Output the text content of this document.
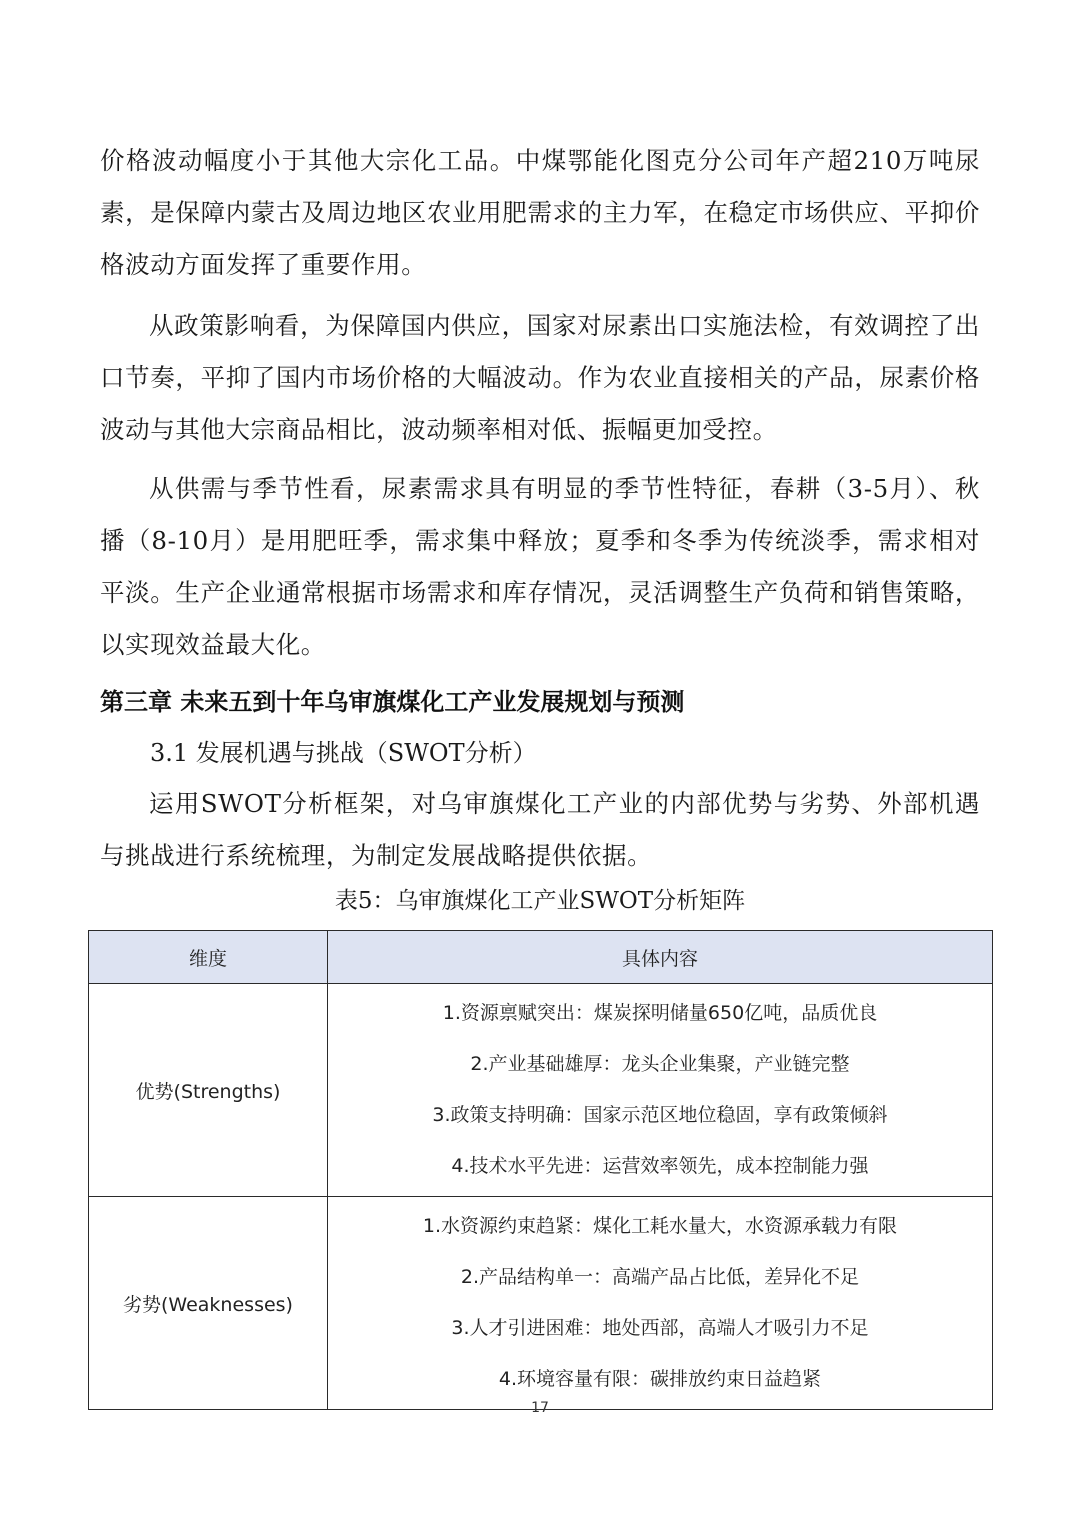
价格波动幅度小于其他大宗化工品。中煤鄂能化图克分公司年产超210万吨尿素，是保障内蒙古及周边地区农业用肥需求的主力军，在稳定市场供应、平抑价格波动方面发挥了重要作用。

从政策影响看，为保障国内供应，国家对尿素出口实施法检，有效调控了出口节奏，平抑了国内市场价格的大幅波动。作为农业直接相关的产品，尿素价格波动与其他大宗商品相比，波动频率相对低、振幅更加受控。

从供需与季节性看，尿素需求具有明显的季节性特征，春耕（3-5月）、秋播（8-10月）是用肥旺季，需求集中释放；夏季和冬季为传统淡季，需求相对平淡。生产企业通常根据市场需求和库存情况，灵活调整生产负荷和销售策略，以实现效益最大化。

第三章 未来五到十年乌审旗煤化工产业发展规划与预测
3.1 发展机遇与挑战（SWOT分析）

运用SWOT分析框架，对乌审旗煤化工产业的内部优势与劣势、外部机遇与挑战进行系统梳理，为制定发展战略提供依据。

表5：乌审旗煤化工产业SWOT分析矩阵
维度	具体内容
优势(Strengths)	1.资源禀赋突出：煤炭探明储量650亿吨，品质优良
2.产业基础雄厚：龙头企业集聚，产业链完整
3.政策支持明确：国家示范区地位稳固，享有政策倾斜
4.技术水平先进：运营效率领先，成本控制能力强

劣势(Weaknesses)	1.水资源约束趋紧：煤化工耗水量大，水资源承载力有限
2.产品结构单一：高端产品占比低，差异化不足
3.人才引进困难：地处西部，高端人才吸引力不足
4.环境容量有限：碳排放约束日益趋紧
17
